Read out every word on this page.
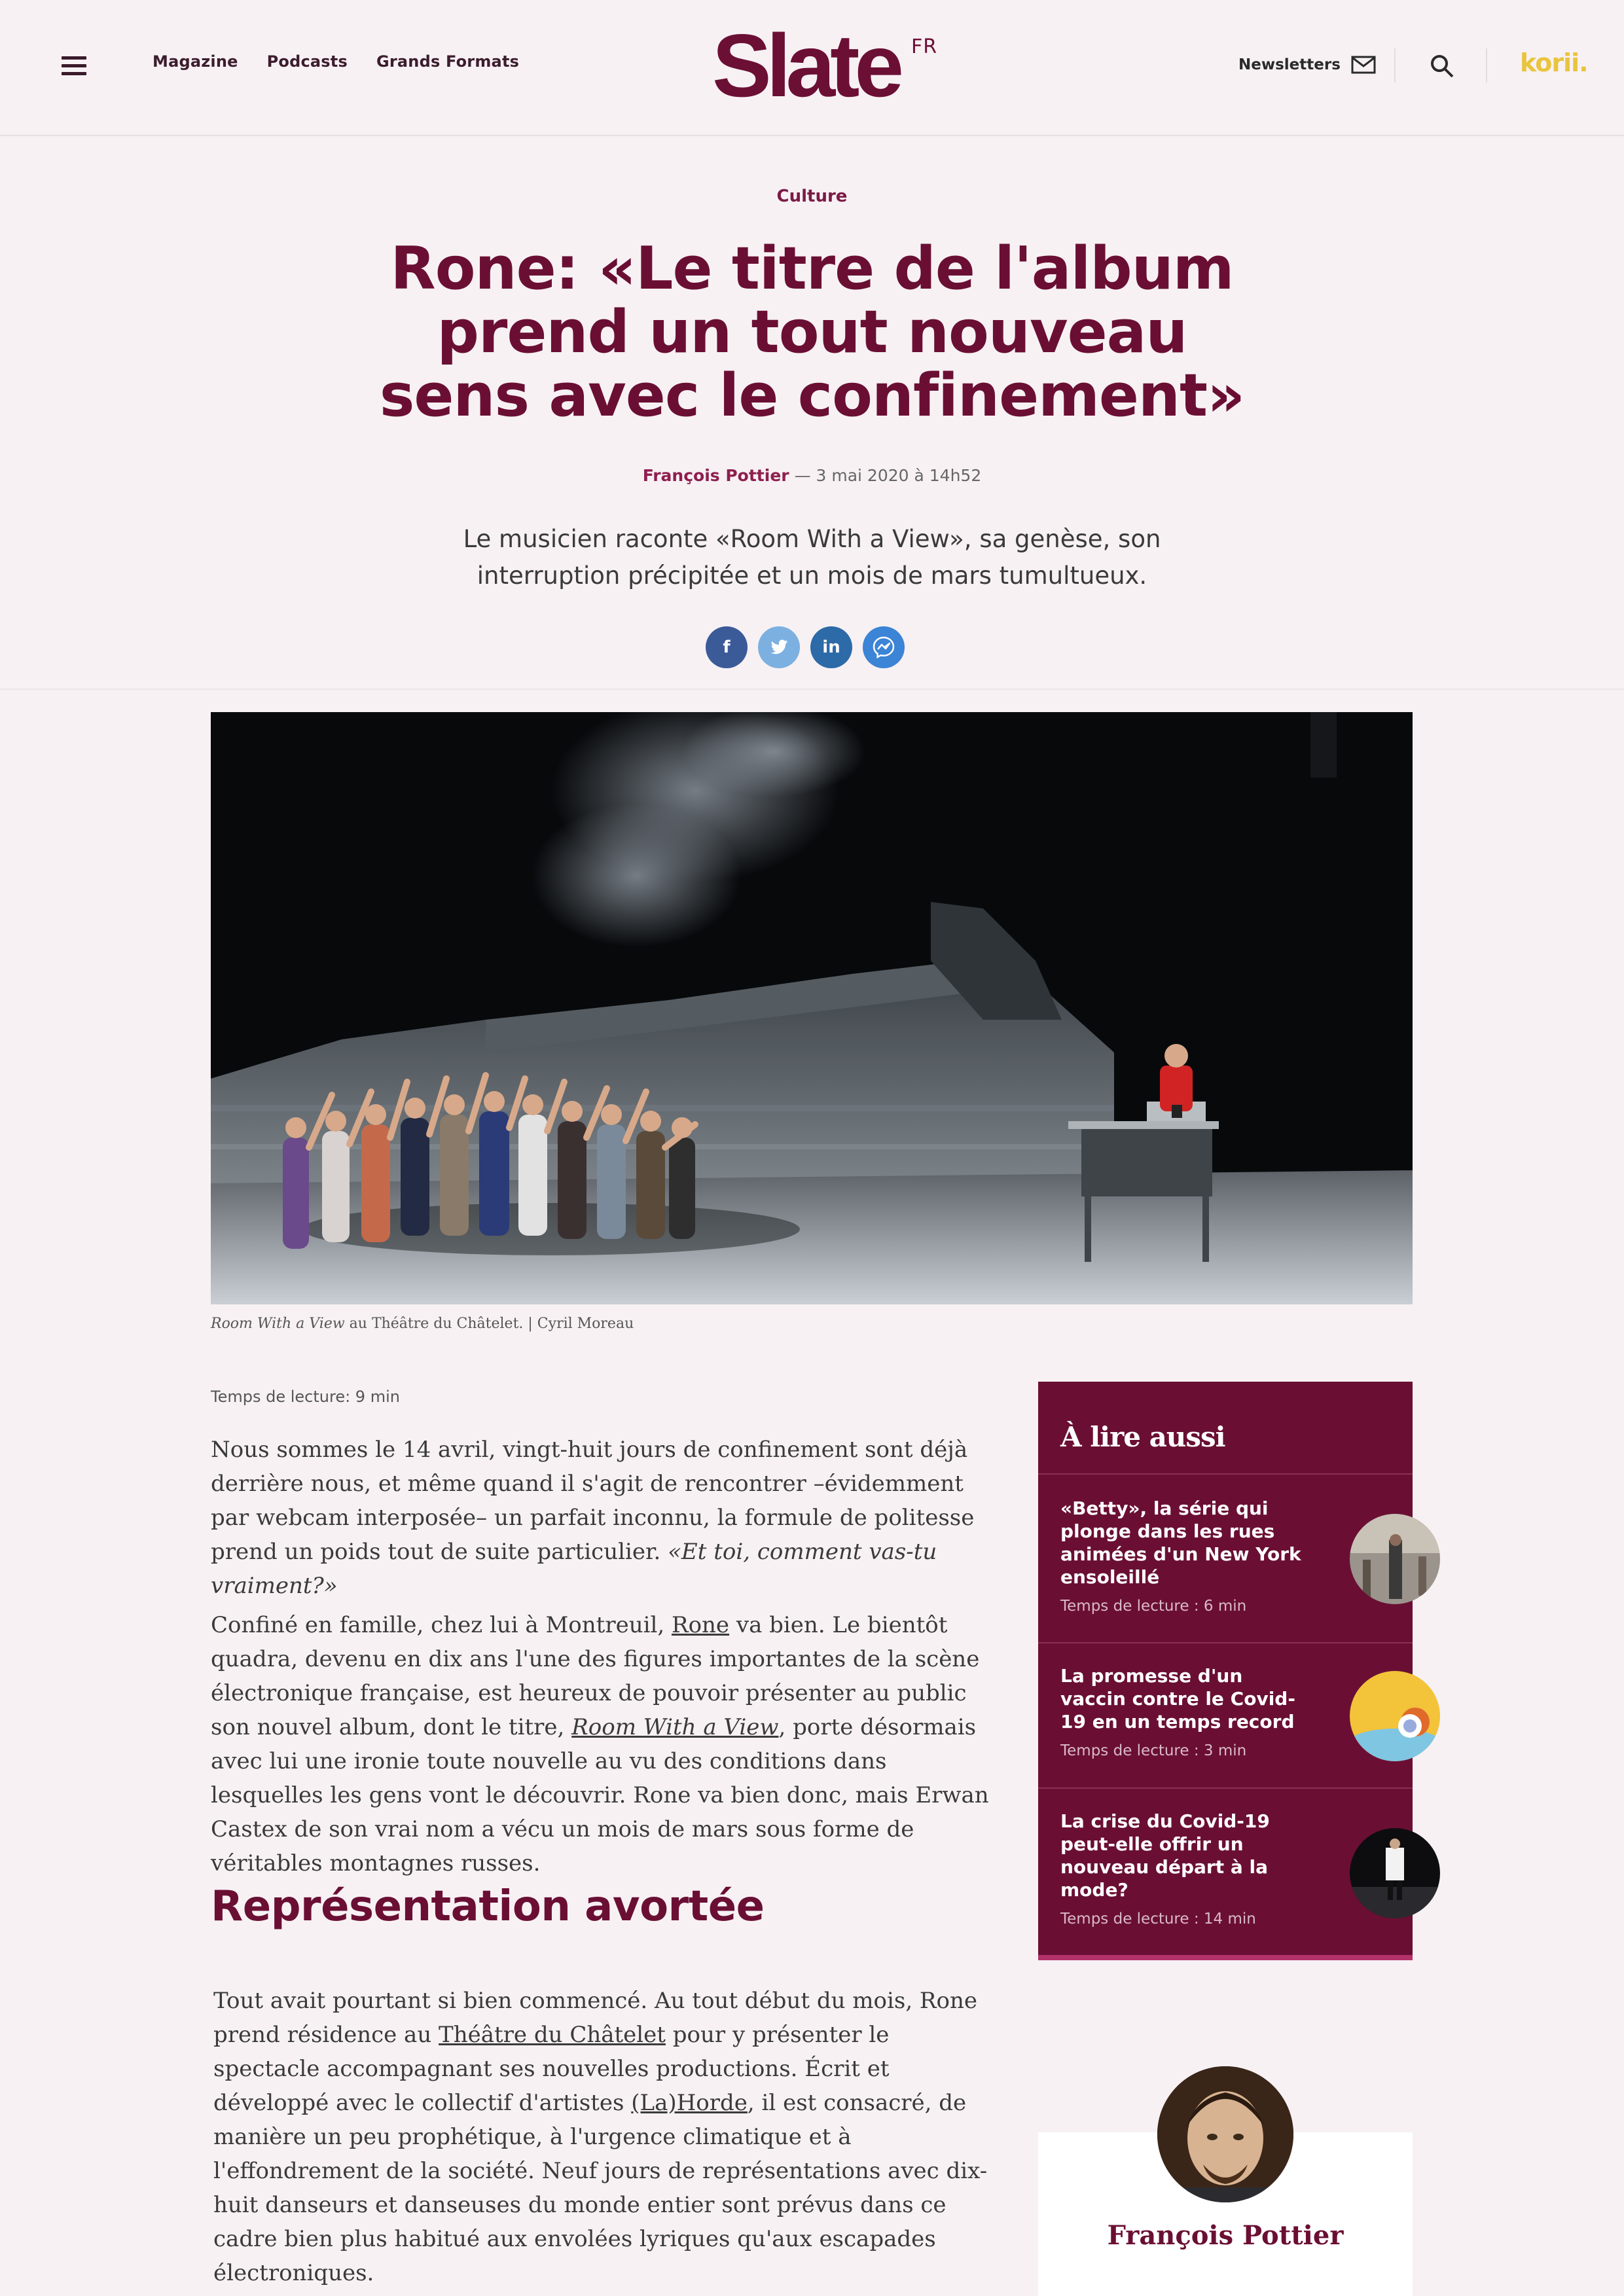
Magazine Podcasts Grands Formats Slate FR
Newsletters	korii.
Culture
Rone: «Le titre de l'album prend un tout nouveau sens avec le confinement»
François Pottier — 3 mai 2020 à 14h52

Le musicien raconte «Room With a View», sa genèse, son interruption précipitée et un mois de mars tumultueux.

f	in
Room With a View au Théâtre du Châtelet. | Cyril Moreau
Temps de lecture: 9 min

Nous sommes le 14 avril, vingt-huit jours de confinement sont déjà derrière nous, et même quand il s'agit de rencontrer –évidemment par webcam interposée– un parfait inconnu, la formule de politesse prend un poids tout de suite particulier. «Et toi, comment vas-tu vraiment?»

Confiné en famille, chez lui à Montreuil, Rone va bien. Le bientôt quadra, devenu en dix ans l'une des figures importantes de la scène électronique française, est heureux de pouvoir présenter au public son nouvel album, dont le titre, Room With a View, porte désormais avec lui une ironie toute nouvelle au vu des conditions dans lesquelles les gens vont le découvrir. Rone va bien donc, mais Erwan Castex de son vrai nom a vécu un mois de mars sous forme de véritables montagnes russes.

Représentation avortée

Tout avait pourtant si bien commencé. Au tout début du mois, Rone prend résidence au Théâtre du Châtelet pour y présenter le spectacle accompagnant ses nouvelles productions. Écrit et développé avec le collectif d'artistes (La)Horde, il est consacré, de manière un peu prophétique, à l'urgence climatique et à l'effondrement de la société. Neuf jours de représentations avec dix-huit danseurs et danseuses du monde entier sont prévus dans ce cadre bien plus habitué aux envolées lyriques qu'aux escapades électroniques.

À lire aussi
«Betty», la série qui plonge dans les rues animées d'un New York ensoleillé
Temps de lecture : 6 min
La promesse d'un vaccin contre le Covid-19 en un temps record
Temps de lecture : 3 min
La crise du Covid-19 peut-elle offrir un nouveau départ à la mode?
Temps de lecture : 14 min
François Pottier
